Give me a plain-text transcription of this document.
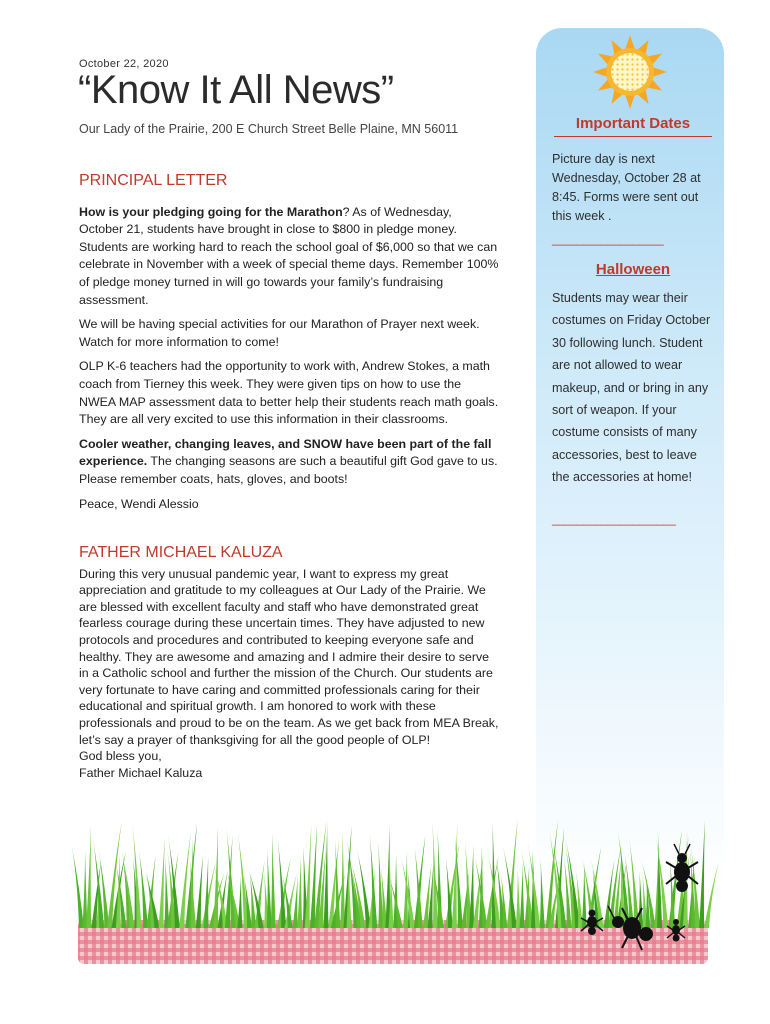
October 22, 2020
“Know It All News”
Our Lady of the Prairie, 200 E Church Street Belle Plaine, MN 56011
PRINCIPAL LETTER

How is your pledging going for the Marathon? As of Wednesday, October 21, students have brought in close to $800 in pledge money. Students are working hard to reach the school goal of $6,000 so that we can celebrate in November with a week of special theme days. Remember 100% of pledge money turned in will go towards your family’s fundraising assessment.

We will be having special activities for our Marathon of Prayer next week. Watch for more information to come!

OLP K-6 teachers had the opportunity to work with, Andrew Stokes, a math coach from Tierney this week. They were given tips on how to use the NWEA MAP assessment data to better help their students reach math goals. They are all very excited to use this information in their classrooms.

Cooler weather, changing leaves, and SNOW have been part of the fall experience. The changing seasons are such a beautiful gift God gave to us. Please remember coats, hats, gloves, and boots!

Peace, Wendi Alessio

FATHER MICHAEL KALUZA
During this very unusual pandemic year, I want to express my great appreciation and gratitude to my colleagues at Our Lady of the Prairie. We are blessed with excellent faculty and staff who have demonstrated great fearless courage during these uncertain times. They have adjusted to new protocols and procedures and contributed to keeping everyone safe and healthy. They are awesome and amazing and I admire their desire to serve in a Catholic school and further the mission of the Church. Our students are very fortunate to have caring and committed professionals caring for their educational and spiritual growth. I am honored to work with these professionals and proud to be on the team. As we get back from MEA Break, let’s say a prayer of thanksgiving for all the good people of OLP!
God bless you,
Father Michael Kaluza
Important Dates
Picture day is next Wednesday, October 28 at 8:45. Forms were sent out this week .
__________________
Halloween
Students may wear their costumes on Friday October 30 following lunch. Student are not allowed to wear makeup, and or bring in any sort of weapon. If your costume consists of many accessories, best to leave the accessories at home!
____________________
